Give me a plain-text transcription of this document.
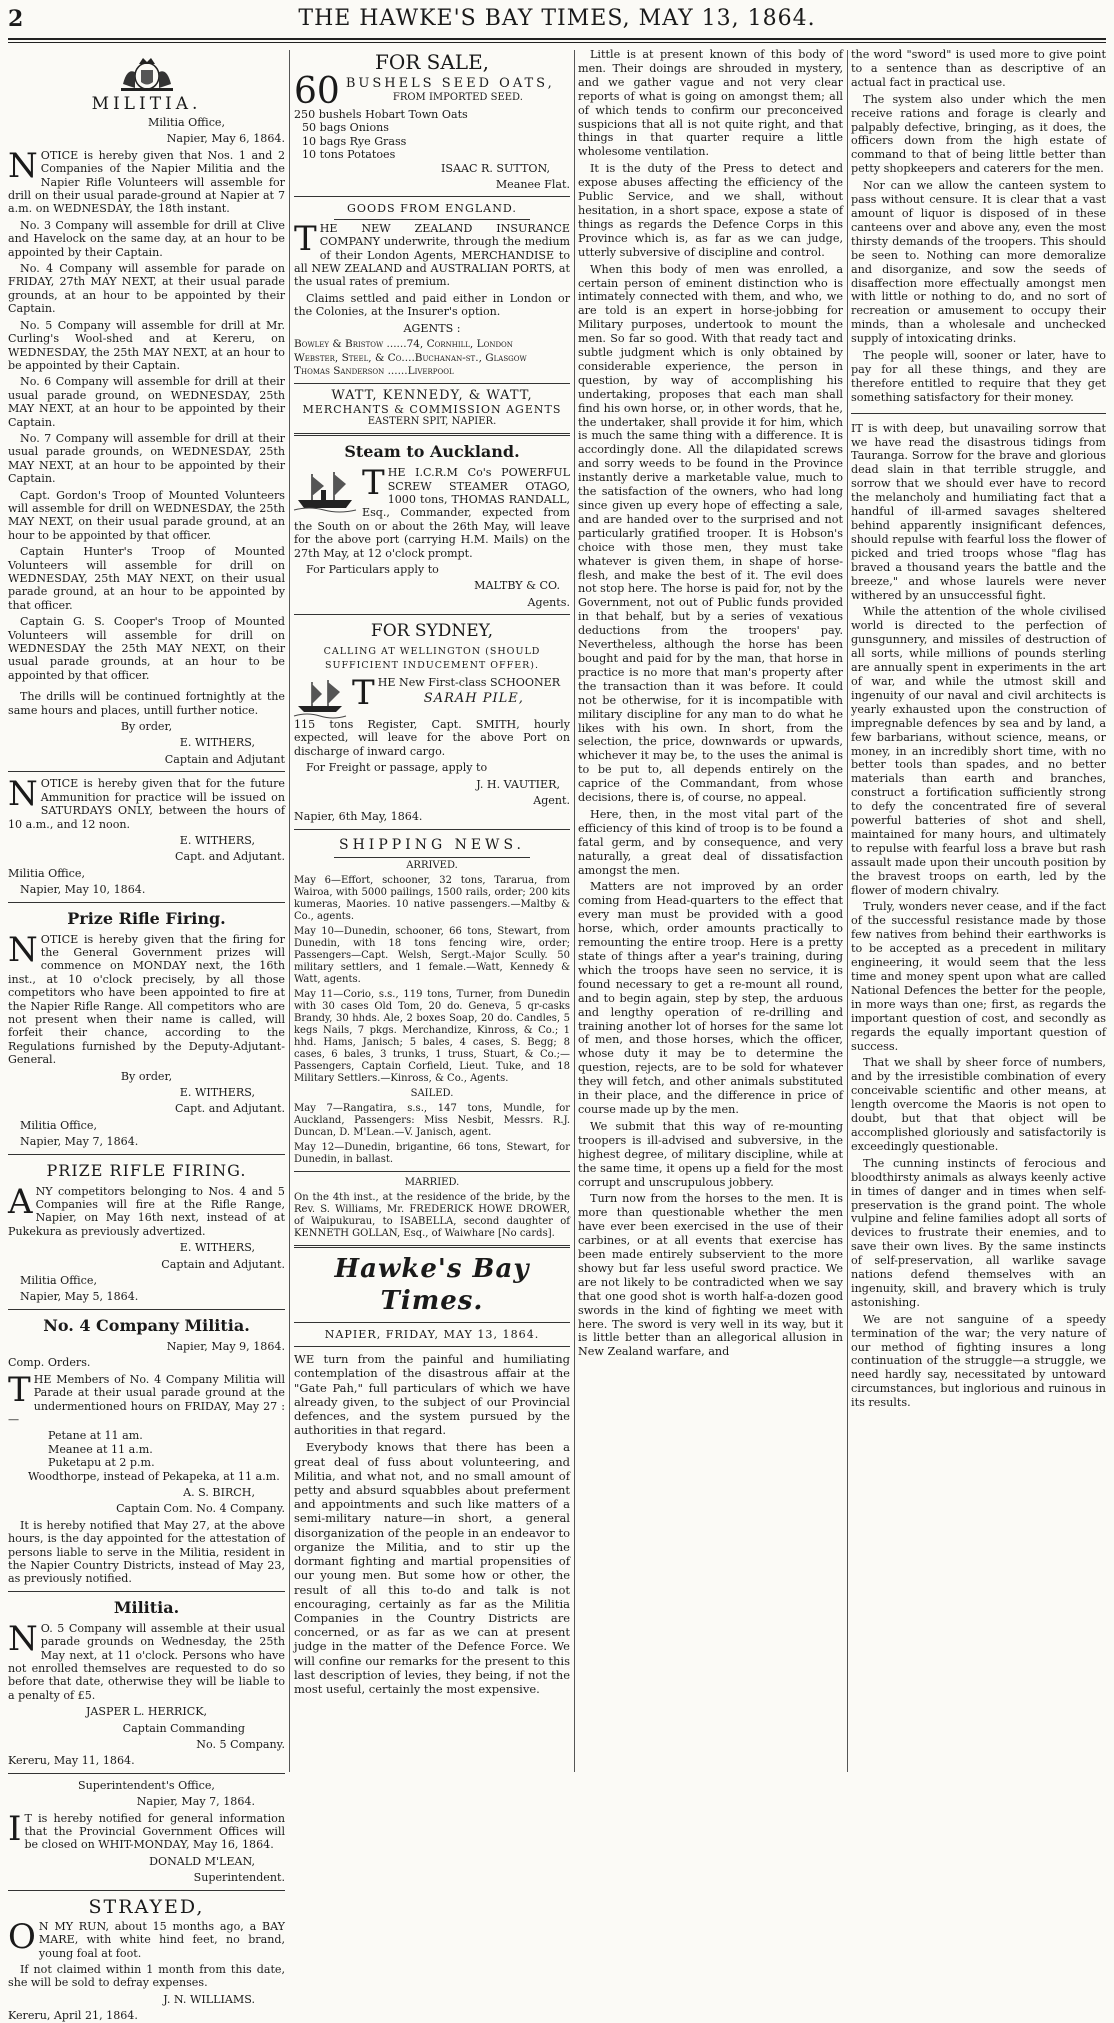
2	THE HAWKE'S BAY TIMES, MAY 13, 1864.
MILITIA.

Militia Office,

Napier, May 6, 1864.

NOTICE is hereby given that Nos. 1 and 2 Companies of the Napier Militia and the Napier Rifle Volunteers will assemble for drill on their usual parade-ground at Napier at 7 a.m. on WEDNESDAY, the 18th instant.

No. 3 Company will assemble for drill at Clive and Havelock on the same day, at an hour to be appointed by their Captain.

No. 4 Company will assemble for parade on FRIDAY, 27th MAY NEXT, at their usual parade grounds, at an hour to be appointed by their Captain.

No. 5 Company will assemble for drill at Mr. Curling's Wool-shed and at Kereru, on WEDNESDAY, the 25th MAY NEXT, at an hour to be appointed by their Captain.

No. 6 Company will assemble for drill at their usual parade ground, on WEDNESDAY, 25th MAY NEXT, at an hour to be appointed by their Captain.

No. 7 Company will assemble for drill at their usual parade grounds, on WEDNESDAY, 25th MAY NEXT, at an hour to be appointed by their Captain.

Capt. Gordon's Troop of Mounted Volunteers will assemble for drill on WEDNESDAY, the 25th MAY NEXT, on their usual parade ground, at an hour to be appointed by that officer.

Captain Hunter's Troop of Mounted Volunteers will assemble for drill on WEDNESDAY, 25th MAY NEXT, on their usual parade ground, at an hour to be appointed by that officer.

Captain G. S. Cooper's Troop of Mounted Volunteers will assemble for drill on WEDNESDAY the 25th MAY NEXT, on their usual parade grounds, at an hour to be appointed by that officer.

The drills will be continued fortnightly at the same hours and places, untill further notice.

By order,

E. WITHERS,

Captain and Adjutant

NOTICE is hereby given that for the future Ammunition for practice will be issued on SATURDAYS ONLY, between the hours of 10 a.m., and 12 noon.

E. WITHERS,

Capt. and Adjutant.

Militia Office,

Napier, May 10, 1864.

Prize Rifle Firing.

NOTICE is hereby given that the firing for the General Government prizes will commence on MONDAY next, the 16th inst., at 10 o'clock precisely, by all those competitors who have been appointed to fire at the Napier Rifle Range. All competitors who are not present when their name is called, will forfeit their chance, according to the Regulations furnished by the Deputy-Adjutant-General.

By order,

E. WITHERS,

Capt. and Adjutant.

Militia Office,

Napier, May 7, 1864.

PRIZE RIFLE FIRING.

ANY competitors belonging to Nos. 4 and 5 Companies will fire at the Rifle Range, Napier, on May 16th next, instead of at Pukekura as previously advertized.

E. WITHERS,

Captain and Adjutant.

Militia Office,

Napier, May 5, 1864.

No. 4 Company Militia.

Napier, May 9, 1864.

Comp. Orders.

THE Members of No. 4 Company Militia will Parade at their usual parade ground at the undermentioned hours on FRIDAY, May 27 :—

Petane at 11 am.

Meanee at 11 a.m.

Puketapu at 2 p.m.

Woodthorpe, instead of Pekapeka, at 11 a.m.

A. S. BIRCH,

Captain Com. No. 4 Company.

It is hereby notified that May 27, at the above hours, is the day appointed for the attestation of persons liable to serve in the Militia, resident in the Napier Country Districts, instead of May 23, as previously notified.

Militia.

N O. 5 Company will assemble at their usual parade grounds on Wednesday, the 25th May next, at 11 o'clock. Persons who have not enrolled themselves are requested to do so before that date, otherwise they will be liable to a penalty of £5.

JASPER L. HERRICK,

Captain Commanding

No. 5 Company.

Kereru, May 11, 1864.

Superintendent's Office,

Napier, May 7, 1864.

I T is hereby notified for general information that the Provincial Government Offices will be closed on WHIT-MONDAY, May 16, 1864.

DONALD M'LEAN,

Superintendent.

STRAYED,

O N MY RUN, about 15 months ago, a BAY MARE, with white hind feet, no brand, young foal at foot.

If not claimed within 1 month from this date, she will be sold to defray expenses.

J. N. WILLIAMS.

Kereru, April 21, 1864.

FOR SALE,
60 BUSHELS SEED OATS,
FROM IMPORTED SEED.

250 bushels Hobart Town Oats

50 bags Onions

10 bags Rye Grass

10 tons Potatoes

ISAAC R. SUTTON,

Meanee Flat.

GOODS FROM ENGLAND.

THE NEW ZEALAND INSURANCE COMPANY underwrite, through the medium of their London Agents, MERCHANDISE to all NEW ZEALAND and AUSTRALIAN PORTS, at the usual rates of premium.

Claims settled and paid either in London or the Colonies, at the Insurer's option.

AGENTS :

Bowley & Bristow ......74, Cornhill, London

Webster, Steel, & Co....Buchanan-st., Glasgow

Thomas Sanderson ......Liverpool

WATT, KENNEDY, & WATT,

MERCHANTS & COMMISSION AGENTS

EASTERN SPIT, NAPIER.

Steam to Auckland.

THE I.C.R.M Co's POWERFUL SCREW STEAMER OTAGO, 1000 tons, THOMAS RANDALL, Esq., Commander, expected from the South on or about the 26th May, will leave for the above port (carrying H.M. Mails) on the 27th May, at 12 o'clock prompt.

For Particulars apply to

MALTBY & CO.

Agents.

FOR SYDNEY,
CALLING AT WELLINGTON (SHOULD SUFFICIENT INDUCEMENT OFFER).

THE New First-class SCHOONER

SARAH PILE,

115 tons Register, Capt. SMITH, hourly expected, will leave for the above Port on discharge of inward cargo.

For Freight or passage, apply to

J. H. VAUTIER,

Agent.

Napier, 6th May, 1864.

SHIPPING NEWS.

ARRIVED.

May 6—Effort, schooner, 32 tons, Tararua, from Wairoa, with 5000 pailings, 1500 rails, order; 200 kits kumeras, Maories. 10 native passengers.—Maltby & Co., agents.

May 10—Dunedin, schooner, 66 tons, Stewart, from Dunedin, with 18 tons fencing wire, order; Passengers—Capt. Welsh, Sergt.-Major Scully. 50 military settlers, and 1 female.—Watt, Kennedy & Watt, agents.

May 11—Corio, s.s., 119 tons, Turner, from Dunedin with 30 cases Old Tom, 20 do. Geneva, 5 qr-casks Brandy, 30 hhds. Ale, 2 boxes Soap, 20 do. Candles, 5 kegs Nails, 7 pkgs. Merchandize, Kinross, & Co.; 1 hhd. Hams, Janisch; 5 bales, 4 cases, S. Begg; 8 cases, 6 bales, 3 trunks, 1 truss, Stuart, & Co.;—Passengers, Captain Corfield, Lieut. Tuke, and 18 Military Settlers.—Kinross, & Co., Agents.

SAILED.

May 7—Rangatira, s.s., 147 tons, Mundle, for Auckland, Passengers: Miss Nesbit, Messrs. R.J. Duncan, D. M'Lean.—V. Janisch, agent.

May 12—Dunedin, brigantine, 66 tons, Stewart, for Dunedin, in ballast.

MARRIED.

On the 4th inst., at the residence of the bride, by the Rev. S. Williams, Mr. FREDERICK HOWE DROWER, of Waipukurau, to ISABELLA, second daughter of KENNETH GOLLAN, Esq., of Waiwhare [No cards].

Hawke's Bay Times.

NAPIER, FRIDAY, MAY 13, 1864.

WE turn from the painful and humiliating contemplation of the disastrous affair at the "Gate Pah," full particulars of which we have already given, to the subject of our Provincial defences, and the system pursued by the authorities in that regard.

Everybody knows that there has been a great deal of fuss about volunteering, and Militia, and what not, and no small amount of petty and absurd squabbles about preferment and appointments and such like matters of a semi-military nature—in short, a general disorganization of the people in an endeavor to organize the Militia, and to stir up the dormant fighting and martial propensities of our young men. But some how or other, the result of all this to-do and talk is not encouraging, certainly as far as the Militia Companies in the Country Districts are concerned, or as far as we can at present judge in the matter of the Defence Force. We will confine our remarks for the present to this last description of levies, they being, if not the most useful, certainly the most expensive.

Little is at present known of this body of men. Their doings are shrouded in mystery, and we gather vague and not very clear reports of what is going on amongst them; all of which tends to confirm our preconceived suspicions that all is not quite right, and that things in that quarter require a little wholesome ventilation.

It is the duty of the Press to detect and expose abuses affecting the efficiency of the Public Service, and we shall, without hesitation, in a short space, expose a state of things as regards the Defence Corps in this Province which is, as far as we can judge, utterly subversive of discipline and control.

When this body of men was enrolled, a certain person of eminent distinction who is intimately connected with them, and who, we are told is an expert in horse-jobbing for Military purposes, undertook to mount the men. So far so good. With that ready tact and subtle judgment which is only obtained by considerable experience, the person in question, by way of accomplishing his undertaking, proposes that each man shall find his own horse, or, in other words, that he, the undertaker, shall provide it for him, which is much the same thing with a difference. It is accordingly done. All the dilapidated screws and sorry weeds to be found in the Province instantly derive a marketable value, much to the satisfaction of the owners, who had long since given up every hope of effecting a sale, and are handed over to the surprised and not particularly gratified trooper. It is Hobson's choice with those men, they must take whatever is given them, in shape of horse-flesh, and make the best of it. The evil does not stop here. The horse is paid for, not by the Government, not out of Public funds provided in that behalf, but by a series of vexatious deductions from the troopers' pay. Nevertheless, although the horse has been bought and paid for by the man, that horse in practice is no more that man's property after the transaction than it was before. It could not be otherwise, for it is incompatible with military discipline for any man to do what he likes with his own. In short, from the selection, the price, downwards or upwards, whichever it may be, to the uses the animal is to be put to, all depends entirely on the caprice of the Commandant, from whose decisions, there is, of course, no appeal.

Here, then, in the most vital part of the efficiency of this kind of troop is to be found a fatal germ, and by consequence, and very naturally, a great deal of dissatisfaction amongst the men.

Matters are not improved by an order coming from Head-quarters to the effect that every man must be provided with a good horse, which, order amounts practically to remounting the entire troop. Here is a pretty state of things after a year's training, during which the troops have seen no service, it is found necessary to get a re-mount all round, and to begin again, step by step, the arduous and lengthy operation of re-drilling and training another lot of horses for the same lot of men, and those horses, which the officer, whose duty it may be to determine the question, rejects, are to be sold for whatever they will fetch, and other animals substituted in their place, and the difference in price of course made up by the men.

We submit that this way of re-mounting troopers is ill-advised and subversive, in the highest degree, of military discipline, while at the same time, it opens up a field for the most corrupt and unscrupulous jobbery.

Turn now from the horses to the men. It is more than questionable whether the men have ever been exercised in the use of their carbines, or at all events that exercise has been made entirely subservient to the more showy but far less useful sword practice. We are not likely to be contradicted when we say that one good shot is worth half-a-dozen good swords in the kind of fighting we meet with here. The sword is very well in its way, but it is little better than an allegorical allusion in New Zealand warfare, and

the word "sword" is used more to give point to a sentence than as descriptive of an actual fact in practical use.

The system also under which the men receive rations and forage is clearly and palpably defective, bringing, as it does, the officers down from the high estate of command to that of being little better than petty shopkeepers and caterers for the men.

Nor can we allow the canteen system to pass without censure. It is clear that a vast amount of liquor is disposed of in these canteens over and above any, even the most thirsty demands of the troopers. This should be seen to. Nothing can more demoralize and disorganize, and sow the seeds of disaffection more effectually amongst men with little or nothing to do, and no sort of recreation or amusement to occupy their minds, than a wholesale and unchecked supply of intoxicating drinks.

The people will, sooner or later, have to pay for all these things, and they are therefore entitled to require that they get something satisfactory for their money.

IT is with deep, but unavailing sorrow that we have read the disastrous tidings from Tauranga. Sorrow for the brave and glorious dead slain in that terrible struggle, and sorrow that we should ever have to record the melancholy and humiliating fact that a handful of ill-armed savages sheltered behind apparently insignificant defences, should repulse with fearful loss the flower of picked and tried troops whose "flag has braved a thousand years the battle and the breeze," and whose laurels were never withered by an unsuccessful fight.

While the attention of the whole civilised world is directed to the perfection of gunsgunnery, and missiles of destruction of all sorts, while millions of pounds sterling are annually spent in experiments in the art of war, and while the utmost skill and ingenuity of our naval and civil architects is yearly exhausted upon the construction of impregnable defences by sea and by land, a few barbarians, without science, means, or money, in an incredibly short time, with no better tools than spades, and no better materials than earth and branches, construct a fortification sufficiently strong to defy the concentrated fire of several powerful batteries of shot and shell, maintained for many hours, and ultimately to repulse with fearful loss a brave but rash assault made upon their uncouth position by the bravest troops on earth, led by the flower of modern chivalry.

Truly, wonders never cease, and if the fact of the successful resistance made by those few natives from behind their earthworks is to be accepted as a precedent in military engineering, it would seem that the less time and money spent upon what are called National Defences the better for the people, in more ways than one; first, as regards the important question of cost, and secondly as regards the equally important question of success.

That we shall by sheer force of numbers, and by the irresistible combination of every conceivable scientific and other means, at length overcome the Maoris is not open to doubt, but that that object will be accomplished gloriously and satisfactorily is exceedingly questionable.

The cunning instincts of ferocious and bloodthirsty animals as always keenly active in times of danger and in times when self-preservation is the grand point. The whole vulpine and feline families adopt all sorts of devices to frustrate their enemies, and to save their own lives. By the same instincts of self-preservation, all warlike savage nations defend themselves with an ingenuity, skill, and bravery which is truly astonishing.

We are not sanguine of a speedy termination of the war; the very nature of our method of fighting insures a long continuation of the struggle—a struggle, we need hardly say, necessitated by untoward circumstances, but inglorious and ruinous in its results.
